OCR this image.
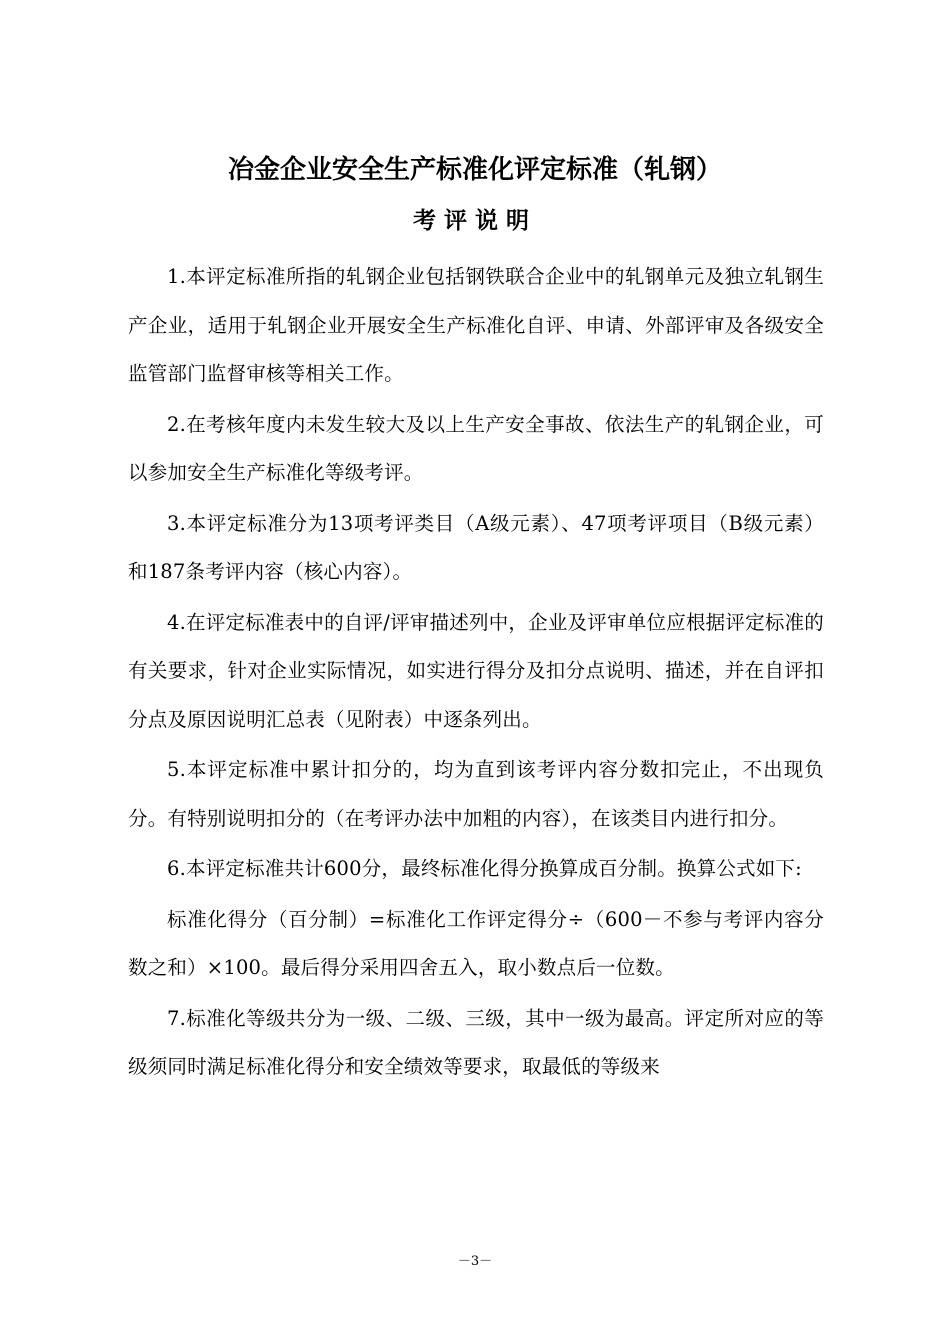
冶金企业安全生产标准化评定标准（轧钢）
考评说明

1.本评定标准所指的轧钢企业包括钢铁联合企业中的轧钢单元及独立轧钢生产企业，适用于轧钢企业开展安全生产标准化自评、申请、外部评审及各级安全监管部门监督审核等相关工作。

2.在考核年度内未发生较大及以上生产安全事故、依法生产的轧钢企业，可以参加安全生产标准化等级考评。

3.本评定标准分为13项考评类目（A级元素）、47项考评项目（B级元素）和187条考评内容（核心内容）。

4.在评定标准表中的自评/评审描述列中，企业及评审单位应根据评定标准的有关要求，针对企业实际情况，如实进行得分及扣分点说明、描述，并在自评扣分点及原因说明汇总表（见附表）中逐条列出。

5.本评定标准中累计扣分的，均为直到该考评内容分数扣完止，不出现负分。有特别说明扣分的（在考评办法中加粗的内容），在该类目内进行扣分。

6.本评定标准共计600分，最终标准化得分换算成百分制。换算公式如下:

标准化得分（百分制）=标准化工作评定得分÷（600－不参与考评内容分数之和）×100。最后得分采用四舍五入，取小数点后一位数。

7.标准化等级共分为一级、二级、三级，其中一级为最高。评定所对应的等级须同时满足标准化得分和安全绩效等要求，取最低的等级来

－3－
